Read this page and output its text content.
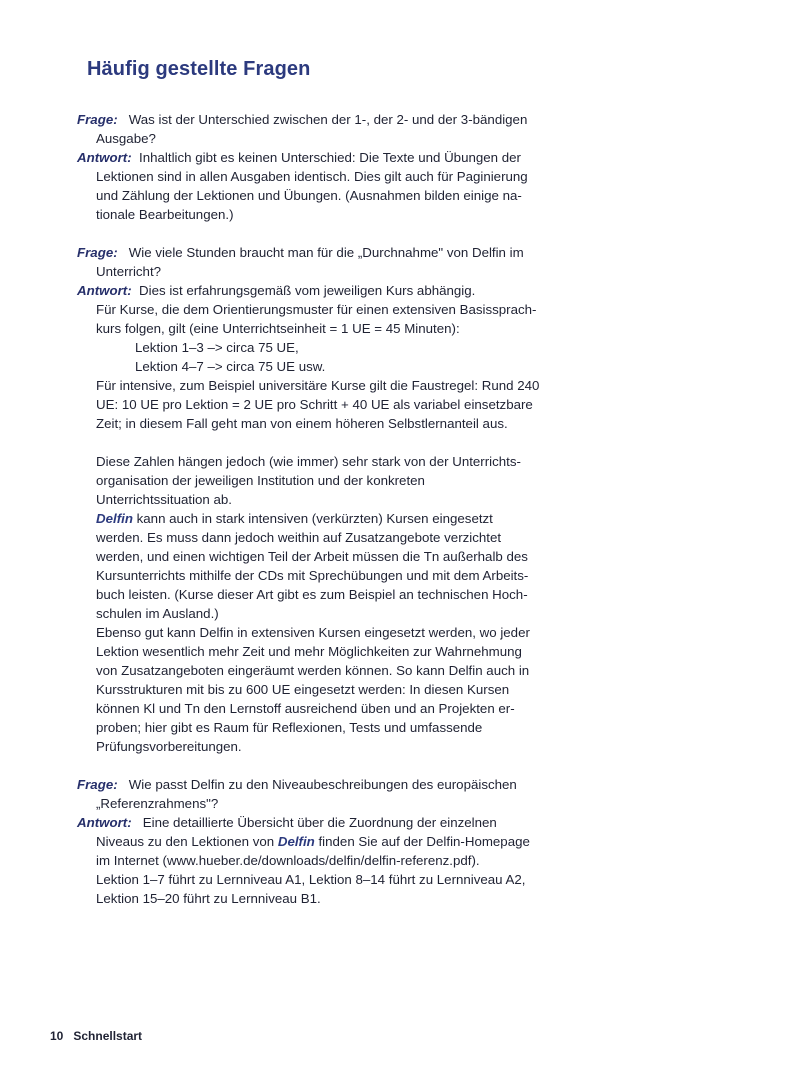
Häufig gestellte Fragen
Frage: Was ist der Unterschied zwischen der 1-, der 2- und der 3-bändigen
Ausgabe?
Antwort: Inhaltlich gibt es keinen Unterschied: Die Texte und Übungen der
Lektionen sind in allen Ausgaben identisch. Dies gilt auch für Paginierung
und Zählung der Lektionen und Übungen. (Ausnahmen bilden einige na-
tionale Bearbeitungen.)
Frage: Wie viele Stunden braucht man für die „Durchnahme" von Delfin im
Unterricht?
Antwort: Dies ist erfahrungsgemäß vom jeweiligen Kurs abhängig.
Für Kurse, die dem Orientierungsmuster für einen extensiven Basissprach-
kurs folgen, gilt (eine Unterrichtseinheit = 1 UE = 45 Minuten):
Lektion 1–3 –> circa 75 UE,
Lektion 4–7 –> circa 75 UE usw.
Für intensive, zum Beispiel universitäre Kurse gilt die Faustregel: Rund 240
UE: 10 UE pro Lektion = 2 UE pro Schritt + 40 UE als variabel einsetzbare
Zeit; in diesem Fall geht man von einem höheren Selbstlernanteil aus.

Diese Zahlen hängen jedoch (wie immer) sehr stark von der Unterrichts-
organisation der jeweiligen Institution und der konkreten
Unterrichtssituation ab.
Delfin kann auch in stark intensiven (verkürzten) Kursen eingesetzt
werden. Es muss dann jedoch weithin auf Zusatzangebote verzichtet
werden, und einen wichtigen Teil der Arbeit müssen die Tn außerhalb des
Kursunterrichts mithilfe der CDs mit Sprechübungen und mit dem Arbeits-
buch leisten. (Kurse dieser Art gibt es zum Beispiel an technischen Hoch-
schulen im Ausland.)
Ebenso gut kann Delfin in extensiven Kursen eingesetzt werden, wo jeder
Lektion wesentlich mehr Zeit und mehr Möglichkeiten zur Wahrnehmung
von Zusatzangeboten eingeräumt werden können. So kann Delfin auch in
Kursstrukturen mit bis zu 600 UE eingesetzt werden: In diesen Kursen
können Kl und Tn den Lernstoff ausreichend üben und an Projekten er-
proben; hier gibt es Raum für Reflexionen, Tests und umfassende
Prüfungsvorbereitungen.
Frage: Wie passt Delfin zu den Niveaubeschreibungen des europäischen
„Referenzrahmens"?
Antwort: Eine detaillierte Übersicht über die Zuordnung der einzelnen
Niveaus zu den Lektionen von Delfin finden Sie auf der Delfin-Homepage
im Internet (www.hueber.de/downloads/delfin/delfin-referenz.pdf).
Lektion 1–7 führt zu Lernniveau A1, Lektion 8–14 führt zu Lernniveau A2,
Lektion 15–20 führt zu Lernniveau B1.
10 Schnellstart
